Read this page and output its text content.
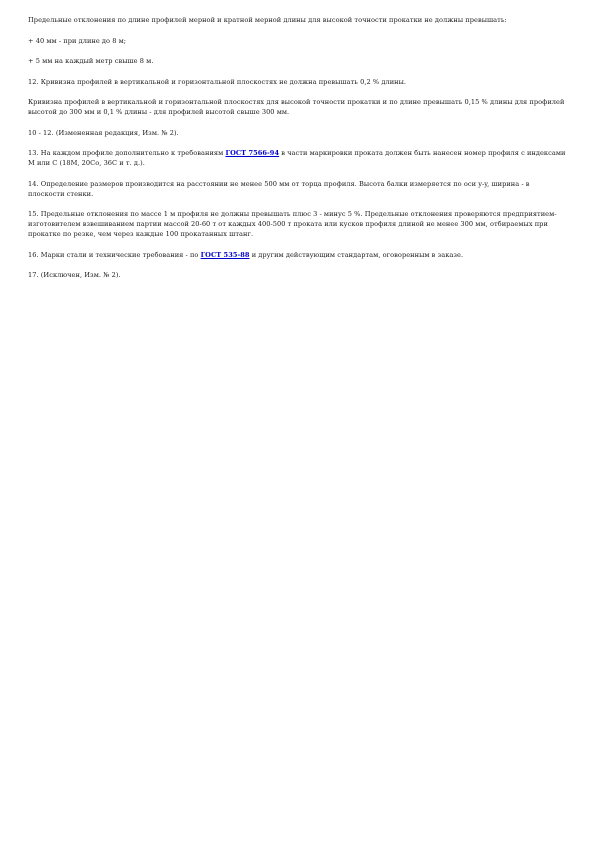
Предельные отклонения по длине профилей мерной и кратной мерной длины для высокой точности прокатки не должны превышать:

+ 40 мм - при длине до 8 м;

+ 5 мм на каждый метр свыше 8 м.

12. Кривизна профилей в вертикальной и горизонтальной плоскостях не должна превышать 0,2 % длины.

Кривизна профилей в вертикальной и горизонтальной плоскостях для высокой точности прокатки и по длине превышать 0,15 % длины для профилей высотой до 300 мм и 0,1 % длины - для профилей высотой свыше 300 мм.

10 - 12. (Измененная редакция, Изм. № 2).

13. На каждом профиле дополнительно к требованиям ГОСТ 7566-94 в части маркировки проката должен быть нанесен номер профиля с индексами М или С (18М, 20Со, 36С и т. д.).

14. Определение размеров производится на расстоянии не менее 500 мм от торца профиля. Высота балки измеряется по оси y-y, ширина - в плоскости стенки.

15. Предельные отклонения по массе 1 м профиля не должны превышать плюс 3 - минус 5 %. Предельные отклонения проверяются предприятием-изготовителем взвешиванием партии массой 20-60 т от каждых 400-500 т проката или кусков профиля длиной не менее 300 мм, отбираемых при прокатке по резке, чем через каждые 100 прокатанных штанг.

16. Марки стали и технические требования - по ГОСТ 535-88 и другим действующим стандартам, оговоренным в заказе.

17. (Исключен, Изм. № 2).
